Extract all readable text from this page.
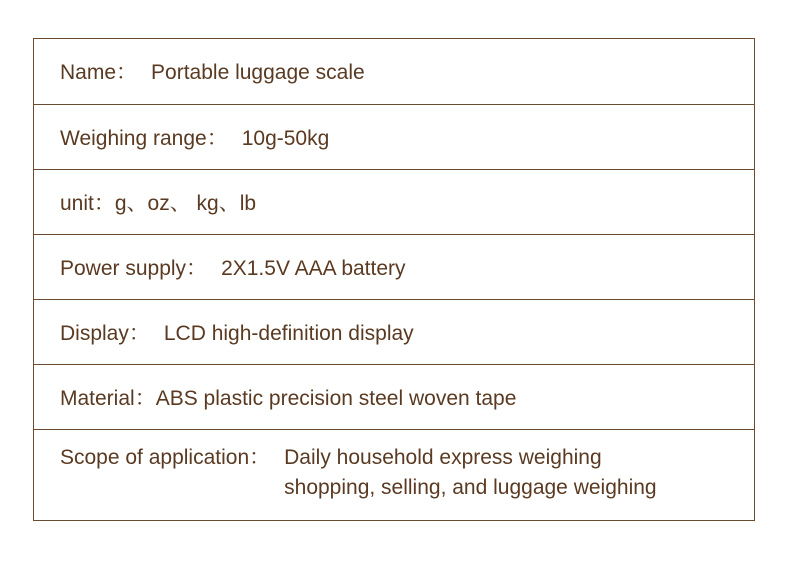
Name： Portable luggage scale
Weighing range： 10g-50kg
unit： g、oz、 kg、lb
Power supply： 2X1.5V AAA battery
Display： LCD high-definition display
Material： ABS plastic precision steel woven tape
Scope of application： Daily household express weighing
shopping, selling, and luggage weighing
